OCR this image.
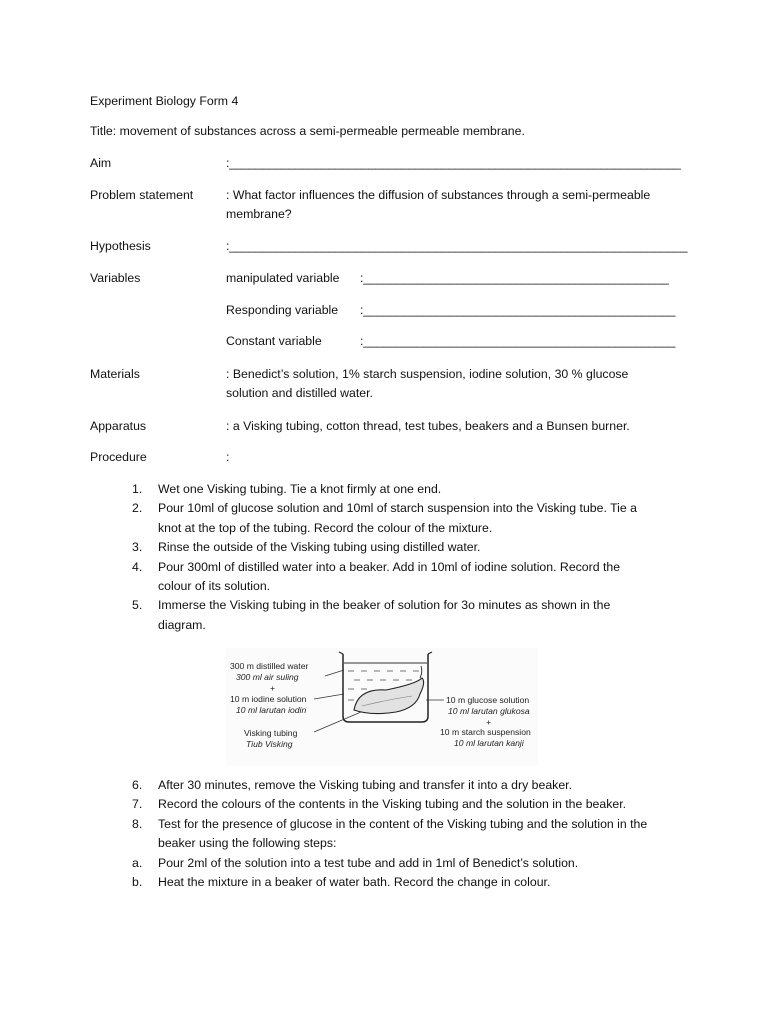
Experiment Biology Form 4
Title: movement of substances across a semi-permeable permeable membrane.
Aim	:____________________________________________________________________
Problem statement	: What factor influences the diffusion of substances through a semi-permeable
membrane?
Hypothesis	:_____________________________________________________________________
Variables	manipulated variable :______________________________________________
Responding variable :_______________________________________________
Constant variable	:_______________________________________________
Materials	: Benedict’s solution, 1% starch suspension, iodine solution, 30 % glucose
solution and distilled water.
Apparatus	: a Visking tubing, cotton thread, test tubes, beakers and a Bunsen burner.
Procedure	:
1. Wet one Visking tubing. Tie a knot firmly at one end.
2. Pour 10ml of glucose solution and 10ml of starch suspension into the Visking tube. Tie a knot at the top of the tubing. Record the colour of the mixture.
3. Rinse the outside of the Visking tubing using distilled water.
4. Pour 300ml of distilled water into a beaker. Add in 10ml of iodine solution. Record the colour of its solution.
5. Immerse the Visking tubing in the beaker of solution for 3o minutes as shown in the diagram.
300 m distilled water
300 ml air suling
+
10 m iodine solution
10 ml larutan iodin
Visking tubing
Tiub Visking
10 m glucose solution
10 ml larutan glukosa
+
10 m starch suspension
10 ml larutan kanji
6. After 30 minutes, remove the Visking tubing and transfer it into a dry beaker.
7. Record the colours of the contents in the Visking tubing and the solution in the beaker.
8. Test for the presence of glucose in the content of the Visking tubing and the solution in the beaker using the following steps:
a. Pour 2ml of the solution into a test tube and add in 1ml of Benedict’s solution.
b. Heat the mixture in a beaker of water bath. Record the change in colour.
